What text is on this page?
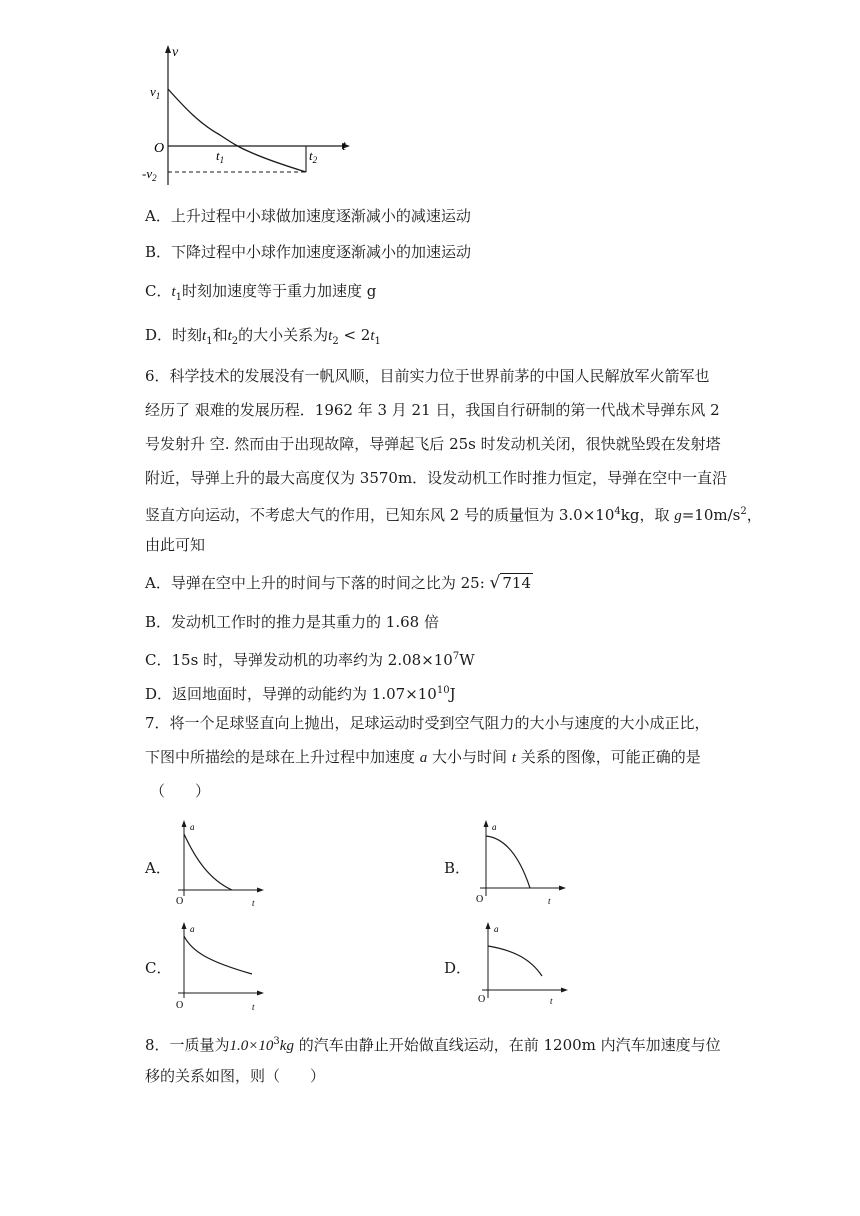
v
$v_1$
O	t
$t_1$	$t_2$
$-v_2$
A．上升过程中小球做加速度逐渐减小的减速运动
B．下降过程中小球作加速度逐渐减小的加速运动
C．$t_1$时刻加速度等于重力加速度 g
D．时刻$t_1$和$t_2$的大小关系为$t_2 < 2t_1$
6．科学技术的发展没有一帆风顺，目前实力位于世界前茅的中国人民解放军火箭军也
经历了 艰难的发展历程．1962 年 3 月 21 日，我国自行研制的第一代战术导弹东风 2
号发射升 空. 然而由于出现故障，导弹起飞后 25s 时发动机关闭，很快就坠毁在发射塔
附近，导弹上升的最大高度仅为 3570m．设发动机工作时推力恒定，导弹在空中一直沿
竖直方向运动，不考虑大气的作用，已知东风 2 号的质量恒为 $3.0\times 10^4kg$，取 $g=10m/s^2$，
由此可知
A．导弹在空中上升的时间与下落的时间之比为 25: √ 714
B．发动机工作时的推力是其重力的 1.68 倍
C．15s 时，导弹发动机的功率约为 $2.08\times 10^7W$
D．返回地面时，导弹的动能约为 $1.07\times 10^{10}J$
7．将一个足球竖直向上抛出，足球运动时受到空气阻力的大小与速度的大小成正比，
下图中所描绘的是球在上升过程中加速度 a 大小与时间 t 关系的图像，可能正确的是
（　　）
A．	B．
C．	D．
a
O	t
a
O	t
a
O	t
a
O	t
8．一质量为$1.0\times 10^3kg$ 的汽车由静止开始做直线运动，在前 1200m 内汽车加速度与位
移的关系如图，则（　　）
